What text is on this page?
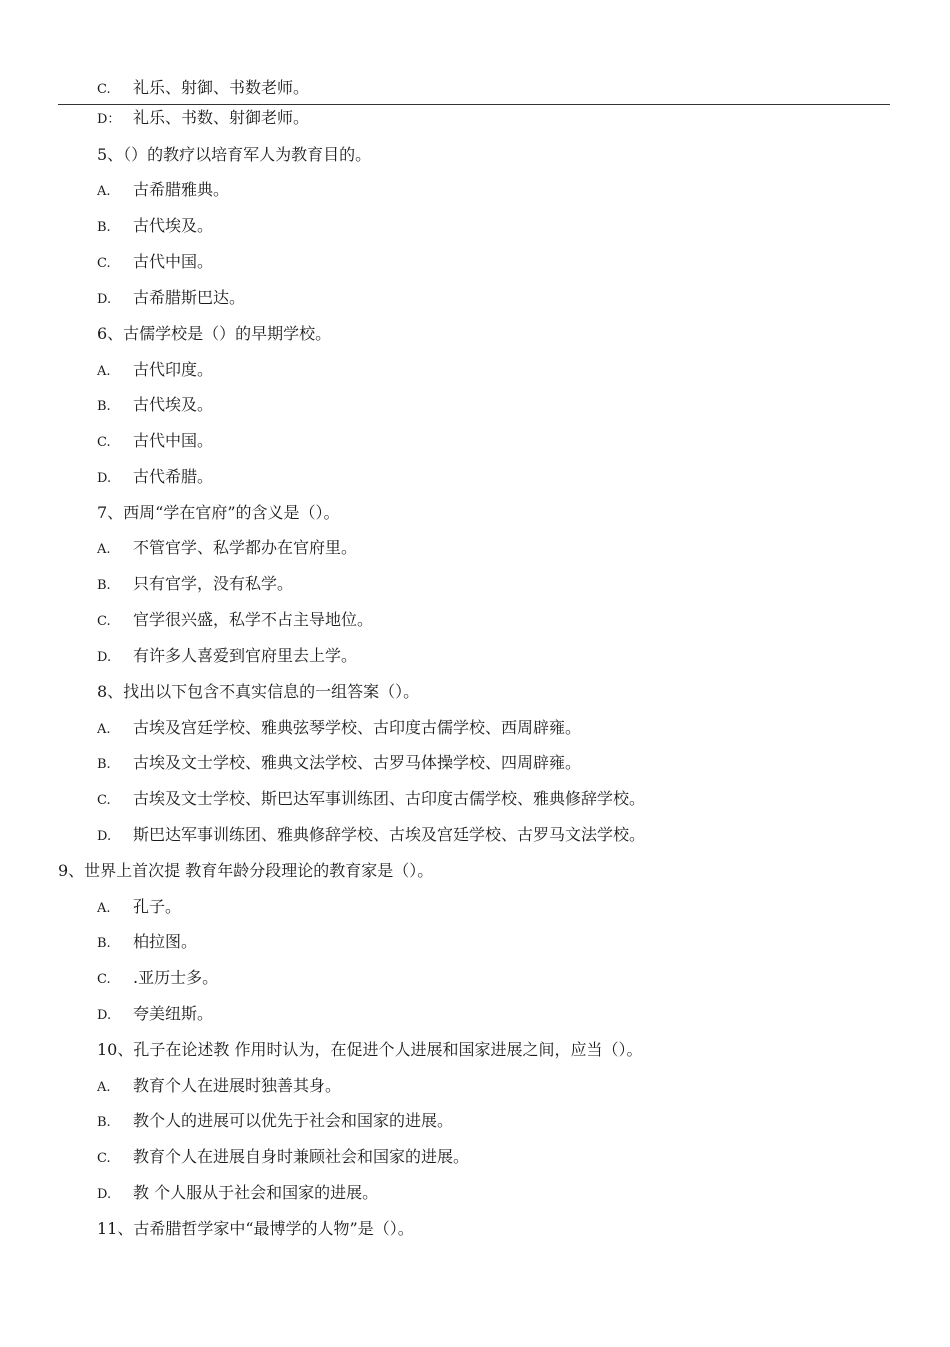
C. 礼乐、射御、书数老师。
D： 礼乐、书数、射御老师。
5、（）的教疗以培育军人为教育目的。
A. 古希腊雅典。
B. 古代埃及。
C. 古代中国。
D. 古希腊斯巴达。
6、古儒学校是（）的早期学校。
A. 古代印度。
B. 古代埃及。
C. 古代中国。
D. 古代希腊。
7、西周“学在官府”的含义是（）。
A. 不管官学、私学都办在官府里。
B. 只有官学，没有私学。
C. 官学很兴盛，私学不占主导地位。
D. 有许多人喜爱到官府里去上学。
8、找出以下包含不真实信息的一组答案（）。
A. 古埃及宫廷学校、雅典弦琴学校、古印度古儒学校、西周辟雍。
B. 古埃及文士学校、雅典文法学校、古罗马体操学校、四周辟雍。
C. 古埃及文士学校、斯巴达军事训练团、古印度古儒学校、雅典修辞学校。
D. 斯巴达军事训练团、雅典修辞学校、古埃及宫廷学校、古罗马文法学校。
9、世界上首次提 教育年龄分段理论的教育家是（）。
A. 孔子。
B. 柏拉图。
C. .亚历士多。
D. 夸美纽斯。
10、孔子在论述教 作用时认为，在促进个人进展和国家进展之间，应当（）。
A. 教育个人在进展时独善其身。
B. 教个人的进展可以优先于社会和国家的进展。
C. 教育个人在进展自身时兼顾社会和国家的进展。
D. 教 个人服从于社会和国家的进展。
11、古希腊哲学家中“最博学的人物”是（）。
